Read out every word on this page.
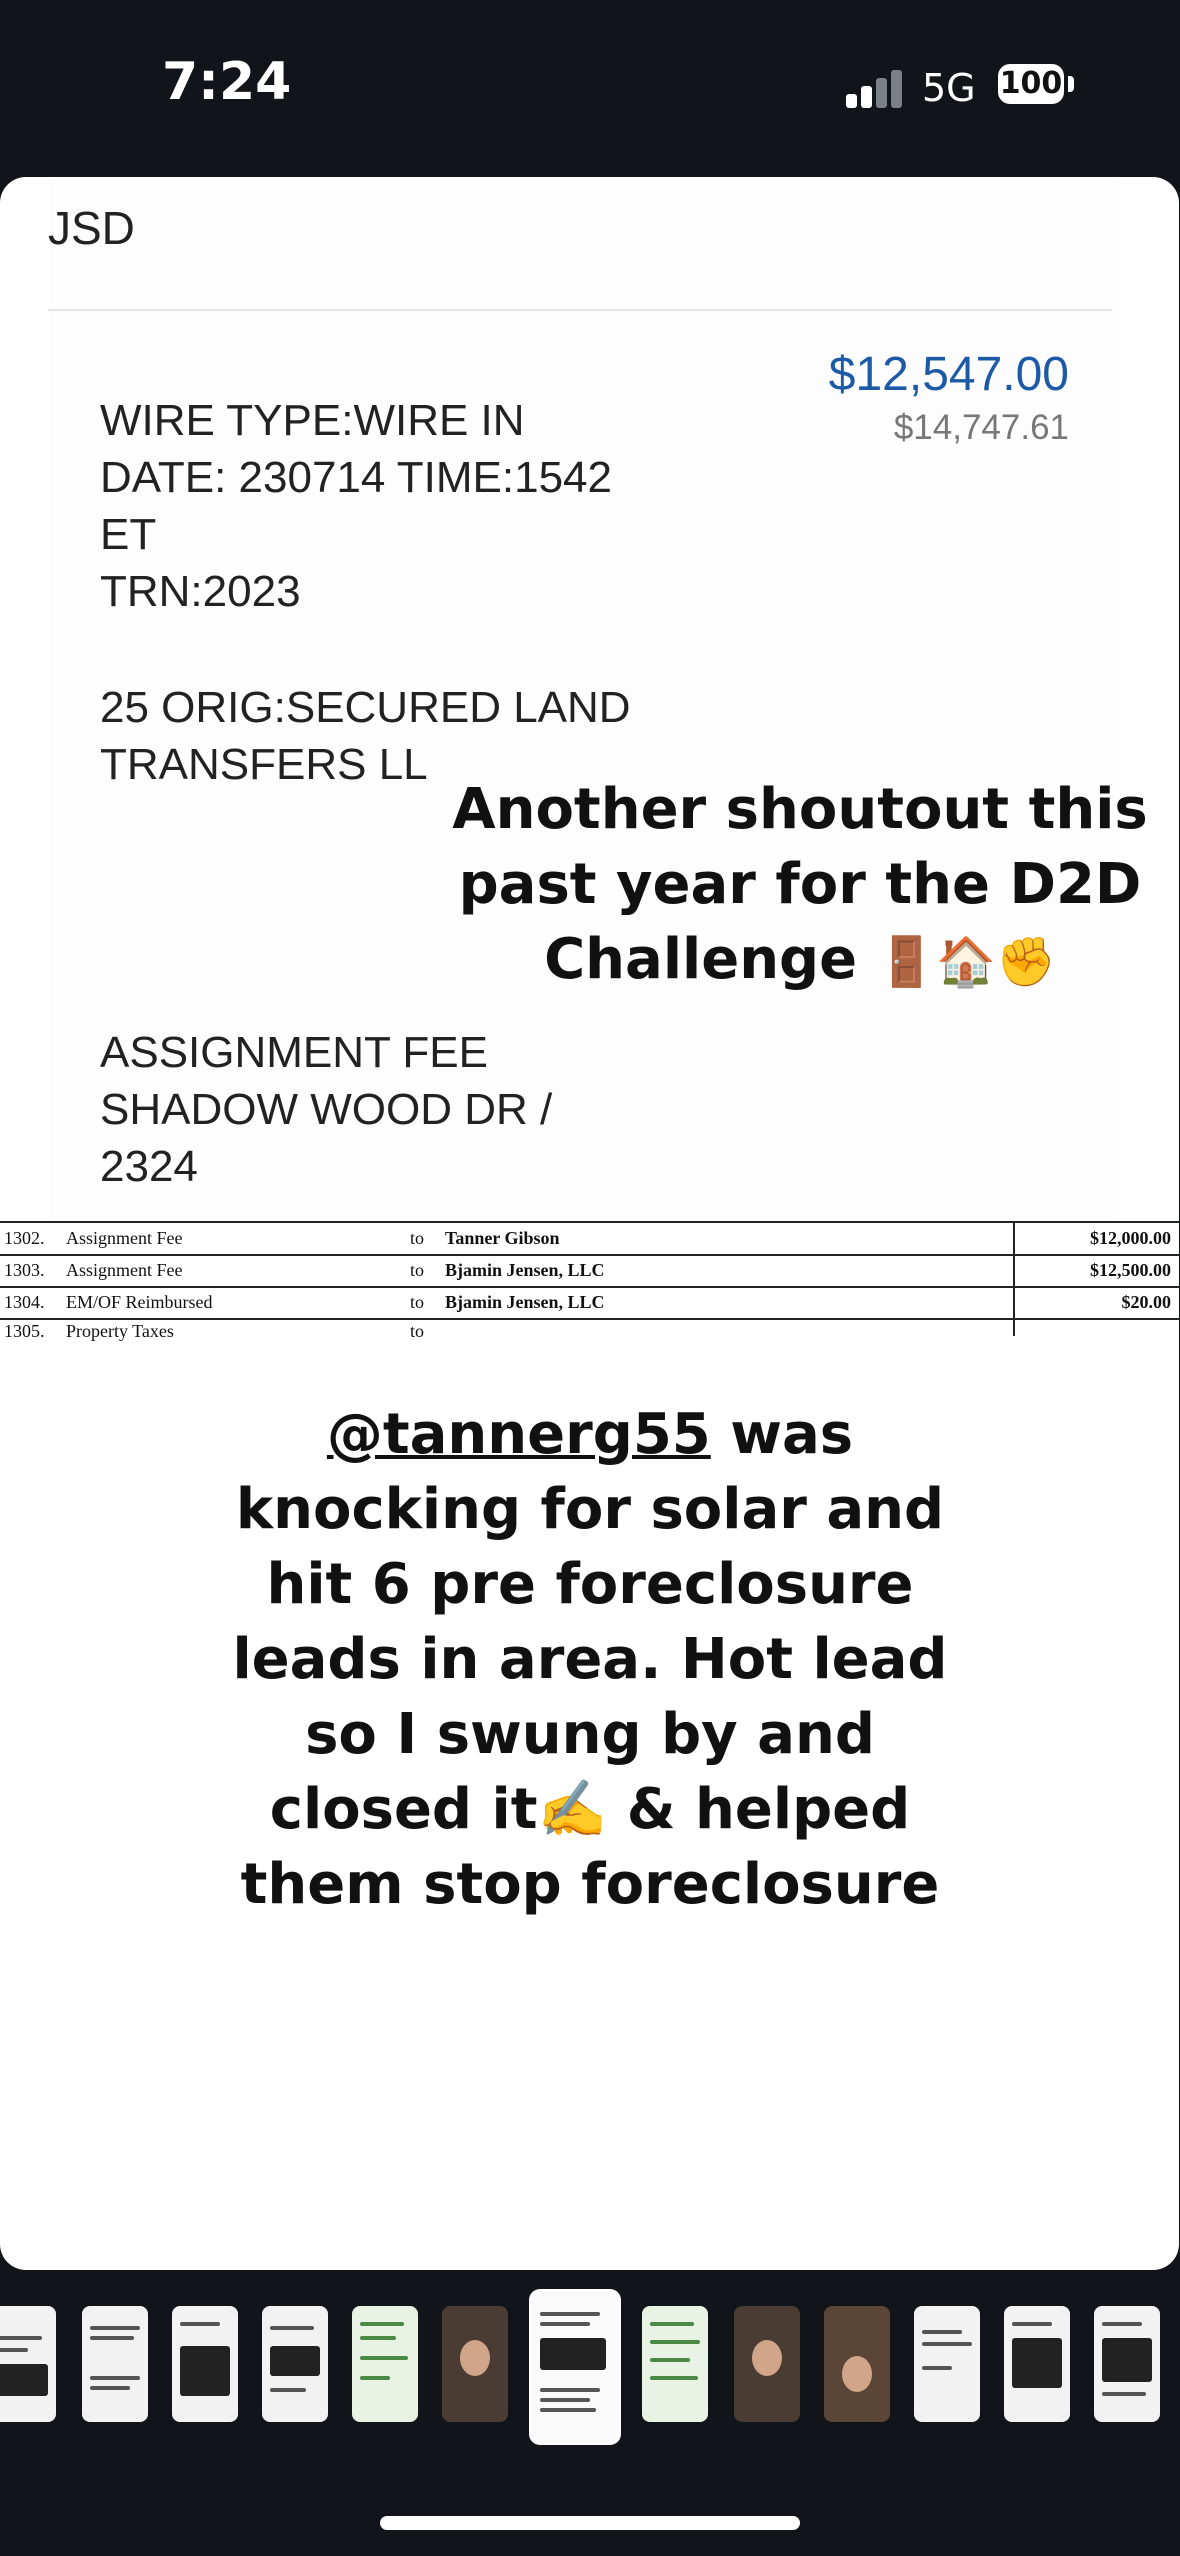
7:24	5G 100
JSD
$12,547.00
$14,747.61
WIRE TYPE:WIRE IN
DATE: 230714 TIME:1542
ET
25 ORIG:SECURED LAND
TRANSFERS LL
ASSIGNMENT FEE
SHADOW WOOD DR /
2324
Another shoutout this
past year for the D2D
Challenge 🚪🏠✊
1302. Assignment Fee	to Tanner Gibson	$12,000.00
1303. Assignment Fee	to Bjamin Jensen, LLC	$12,500.00
1304. EM/OF Reimbursed	to Bjamin Jensen, LLC	$20.00
1305. Property Taxes	to
@tannerg55 was
knocking for solar and
hit 6 pre foreclosure
leads in area. Hot lead
so I swung by and
closed it✍️ & helped
them stop foreclosure
